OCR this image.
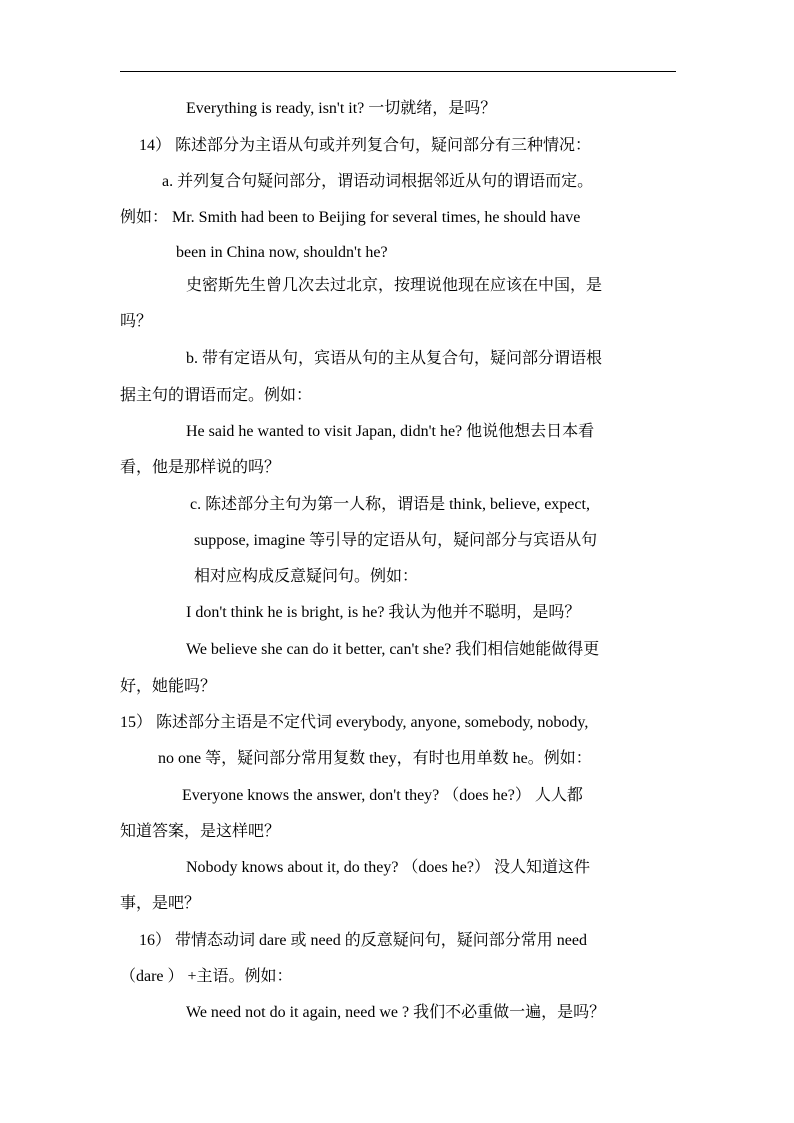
Everything is ready, isn't it? 一切就绪，是吗？
14） 陈述部分为主语从句或并列复合句，疑问部分有三种情况：
a. 并列复合句疑问部分，谓语动词根据邻近从句的谓语而定。
例如： Mr. Smith had been to Beijing for several times, he should have
been in China now, shouldn't he?
史密斯先生曾几次去过北京，按理说他现在应该在中国，是
吗？
b. 带有定语从句，宾语从句的主从复合句，疑问部分谓语根
据主句的谓语而定。例如：
He said he wanted to visit Japan, didn't he? 他说他想去日本看
看，他是那样说的吗？
c. 陈述部分主句为第一人称，谓语是 think, believe, expect,
suppose, imagine 等引导的定语从句，疑问部分与宾语从句
相对应构成反意疑问句。例如：
I don't think he is bright, is he? 我认为他并不聪明，是吗？
We believe she can do it better, can't she? 我们相信她能做得更
好，她能吗？
15） 陈述部分主语是不定代词 everybody, anyone, somebody, nobody,
no one 等，疑问部分常用复数 they，有时也用单数 he。例如：
Everyone knows the answer, don't they? （does he?） 人人都
知道答案，是这样吧？
Nobody knows about it, do they? （does he?） 没人知道这件
事，是吧？
16） 带情态动词 dare 或 need 的反意疑问句，疑问部分常用 need
（dare ） +主语。例如：
We need not do it again, need we ? 我们不必重做一遍，是吗？
